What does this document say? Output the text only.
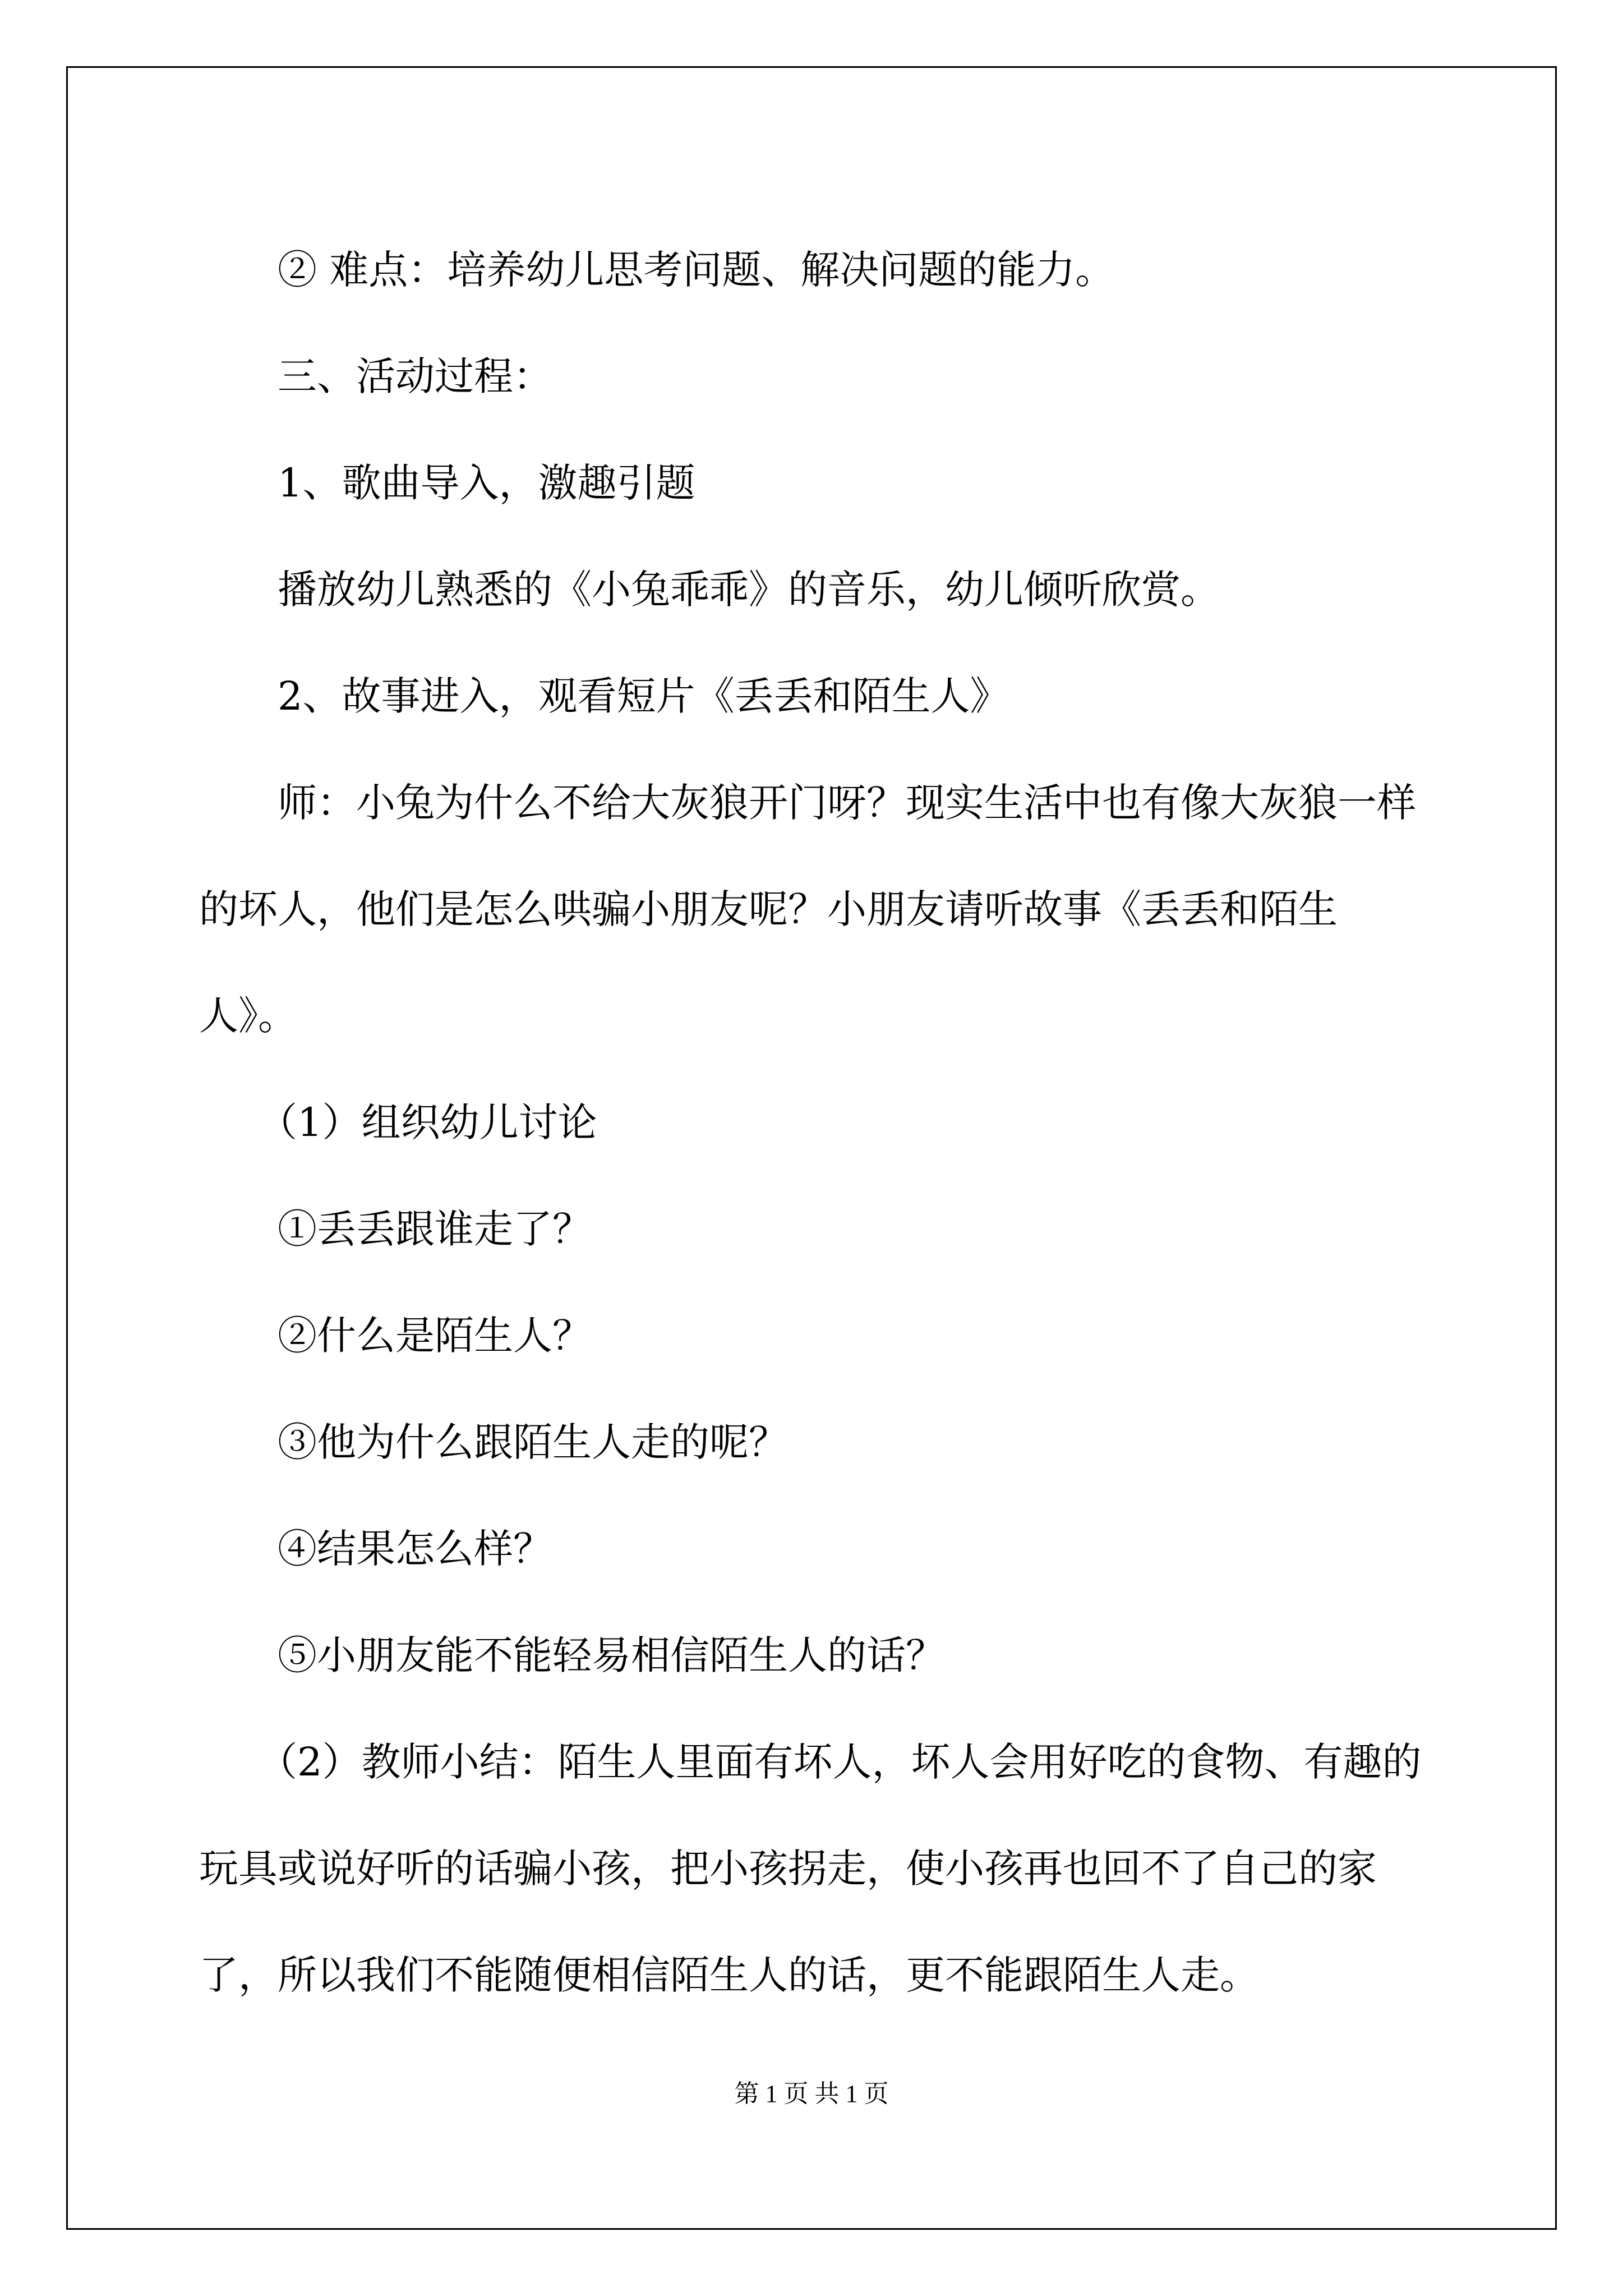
② 难点：培养幼儿思考问题、解决问题的能力。

三、活动过程：

1、歌曲导入，激趣引题

播放幼儿熟悉的《小兔乖乖》的音乐，幼儿倾听欣赏。

2、故事进入，观看短片《丢丢和陌生人》

师：小兔为什么不给大灰狼开门呀？现实生活中也有像大灰狼一样的坏人，他们是怎么哄骗小朋友呢？小朋友请听故事《丢丢和陌生人》。

（1）组织幼儿讨论

①丢丢跟谁走了？

②什么是陌生人？

③他为什么跟陌生人走的呢？

④结果怎么样？

⑤小朋友能不能轻易相信陌生人的话？

（2）教师小结：陌生人里面有坏人，坏人会用好吃的食物、有趣的玩具或说好听的话骗小孩，把小孩拐走，使小孩再也回不了自己的家了，所以我们不能随便相信陌生人的话，更不能跟陌生人走。

第 1 页 共 1 页
